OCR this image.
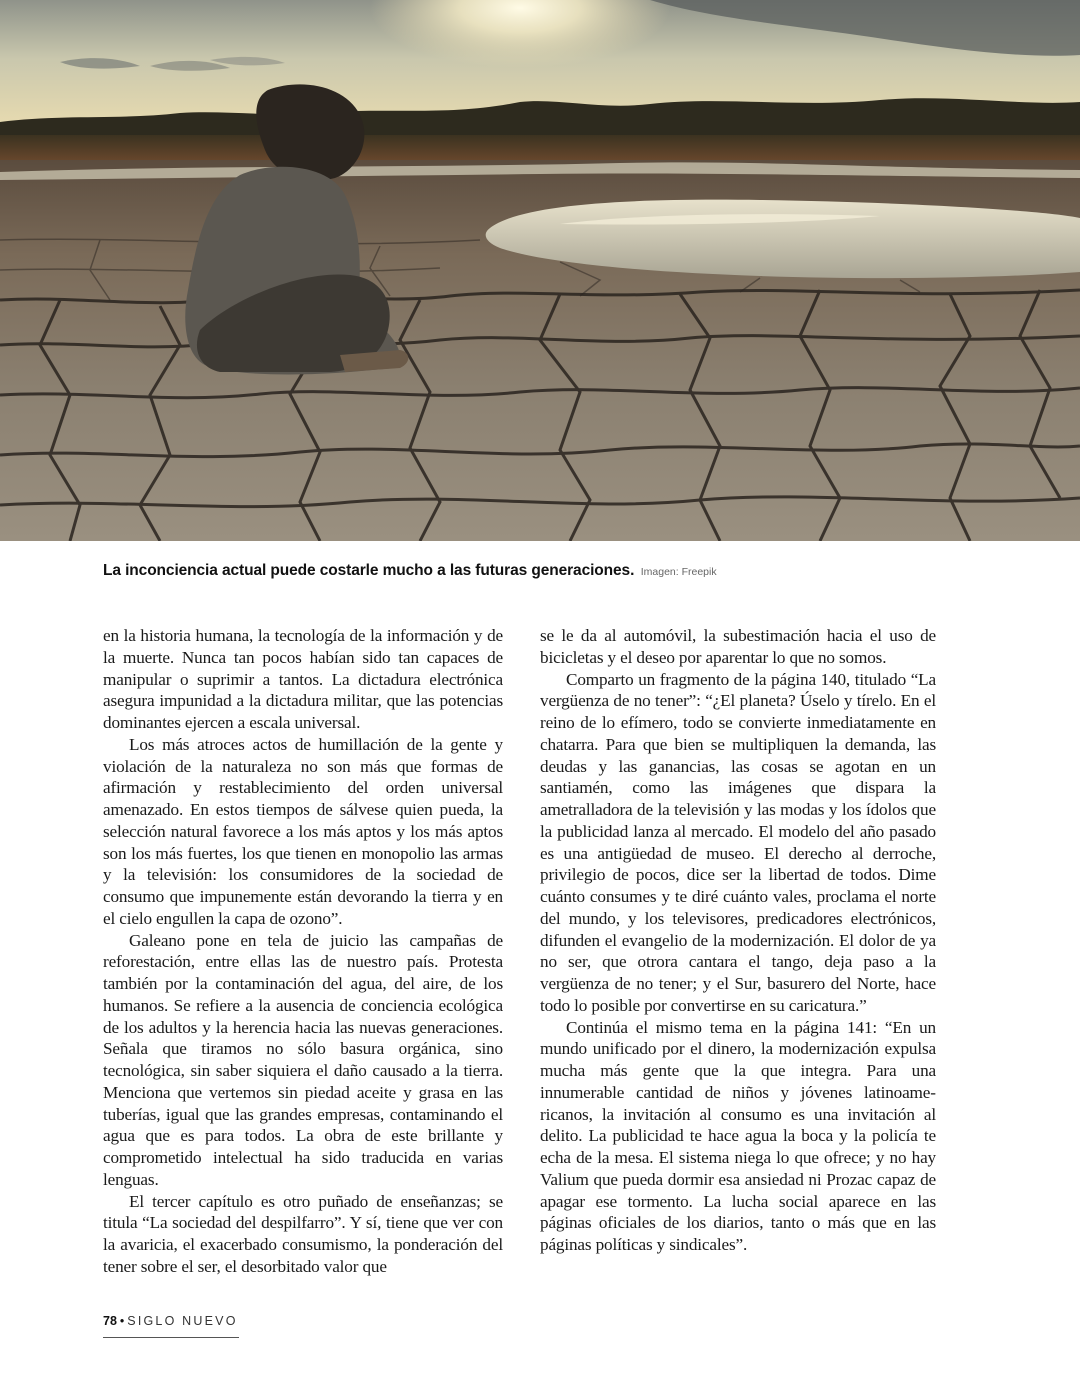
La inconciencia actual puede costarle mucho a las futuras generaciones. Imagen: Freepik

en la historia humana, la tecnología de la información y de la muerte. Nunca tan pocos habían sido tan capaces de manipular o suprimir a tantos. La dictadura electrónica asegura impunidad a la dictadura militar, que las potencias dominantes ejercen a escala universal.

Los más atroces actos de humillación de la gente y violación de la naturaleza no son más que formas de afirmación y restablecimiento del orden universal amenazado. En estos tiempos de sálvese quien pueda, la selección natural favorece a los más aptos y los más aptos son los más fuertes, los que tienen en monopolio las armas y la televisión: los consumidores de la sociedad de consumo que impunemente están devorando la tierra y en el cielo engullen la capa de ozono”.

Galeano pone en tela de juicio las campañas de reforestación, entre ellas las de nuestro país. Protesta también por la contaminación del agua, del aire, de los humanos. Se refiere a la ausencia de conciencia ecológica de los adultos y la herencia hacia las nuevas generaciones. Señala que tiramos no sólo basura orgánica, sino tecnológica, sin saber siquiera el daño causado a la tierra. Menciona que vertemos sin piedad aceite y grasa en las tuberías, igual que las grandes empresas, contaminando el agua que es para todos. La obra de este brillante y comprometido intelectual ha sido traducida en varias lenguas.

El tercer capítulo es otro puñado de enseñanzas; se titula “La sociedad del despilfarro”. Y sí, tiene que ver con la avaricia, el exacerbado consumismo, la ponderación del tener sobre el ser, el desorbitado valor que

se le da al automóvil, la subestimación hacia el uso de bicicletas y el deseo por aparentar lo que no somos.

Comparto un fragmento de la página 140, titulado “La vergüenza de no tener”: “¿El planeta? Úselo y tírelo. En el reino de lo efímero, todo se convierte inmediatamente en chatarra. Para que bien se multipliquen la demanda, las deudas y las ganancias, las cosas se agotan en un santiamén, como las imágenes que dispara la ametralladora de la televisión y las modas y los ídolos que la publicidad lanza al mercado. El modelo del año pasado es una antigüedad de museo. El derecho al derroche, privilegio de pocos, dice ser la libertad de todos. Dime cuánto consumes y te diré cuánto vales, proclama el norte del mundo, y los televisores, predicadores electrónicos, difunden el evangelio de la modernización. El dolor de ya no ser, que otrora cantara el tango, deja paso a la vergüenza de no tener; y el Sur, basurero del Norte, hace todo lo posible por convertirse en su caricatura.”

Continúa el mismo tema en la página 141: “En un mundo unificado por el dinero, la modernización expulsa mucha más gente que la que integra. Para una innumerable cantidad de niños y jóvenes latinoamericanos, la invitación al consumo es una invitación al delito. La publicidad te hace agua la boca y la policía te echa de la mesa. El sistema niega lo que ofrece; y no hay Valium que pueda dormir esa ansiedad ni Prozac capaz de apagar ese tormento. La lucha social aparece en las páginas oficiales de los diarios, tanto o más que en las páginas políticas y sindicales”.

78 • SIGLO NUEVO
